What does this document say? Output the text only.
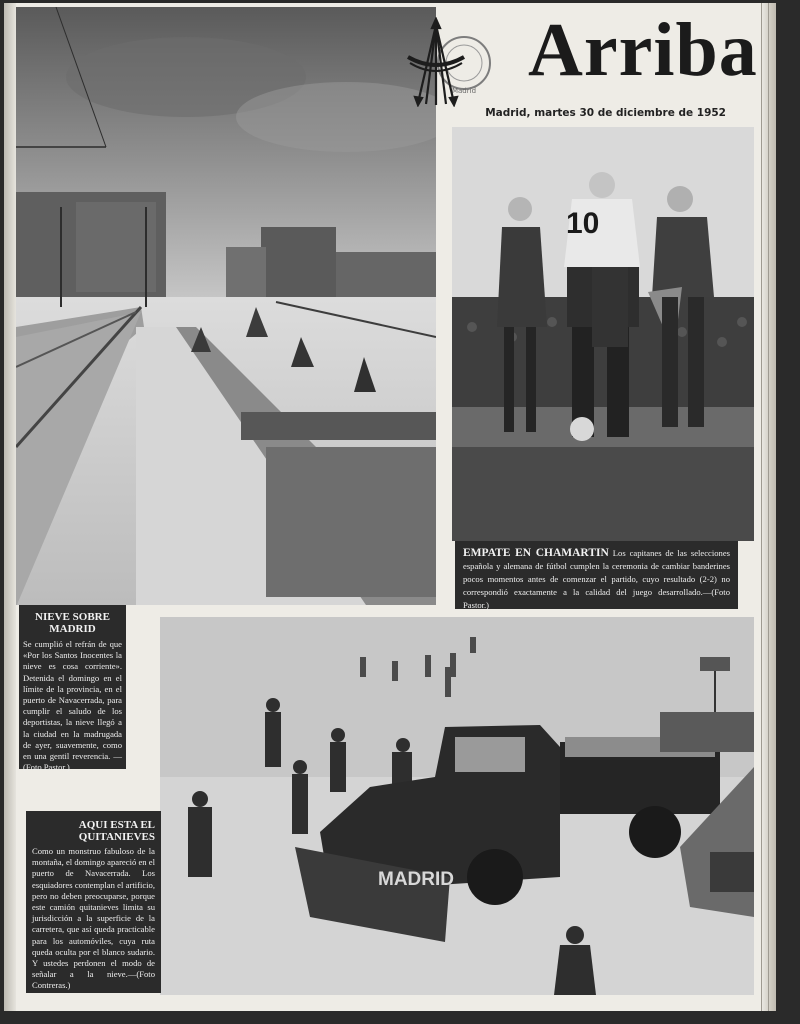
Arriba
Madrid, martes 30 de diciembre de 1952
Madrid
10
MADRID
NIEVE SOBRE MADRID
Se cumplió el refrán de que «Por los Santos Inocentes la nieve es cosa corriente». Detenida el domingo en el límite de la provincia, en el puerto de Navacerrada, para cumplir el saludo de los deportistas, la nieve llegó a la ciudad en la madrugada de ayer, suavemente, como en una gentil reverencia. — (Foto Pastor.)
AQUI ESTA EL QUITANIEVES
Como un monstruo fabuloso de la montaña, el domingo apareció en el puerto de Navacerrada. Los esquiadores contemplan el artificio, pero no deben preocuparse, porque este camión quitanieves limita su jurisdicción a la superficie de la carretera, que así queda practicable para los automóviles, cuya ruta queda oculta por el blanco sudario. Y ustedes perdonen el modo de señalar a la nieve.—(Foto Contreras.)

EMPATE EN CHAMARTIN Los capitanes de las selecciones española y alemana de fútbol cumplen la ceremonia de cambiar banderines pocos momentos antes de comenzar el partido, cuyo resultado (2-2) no correspondió exactamente a la calidad del juego desarrollado.—(Foto Pastor.)
